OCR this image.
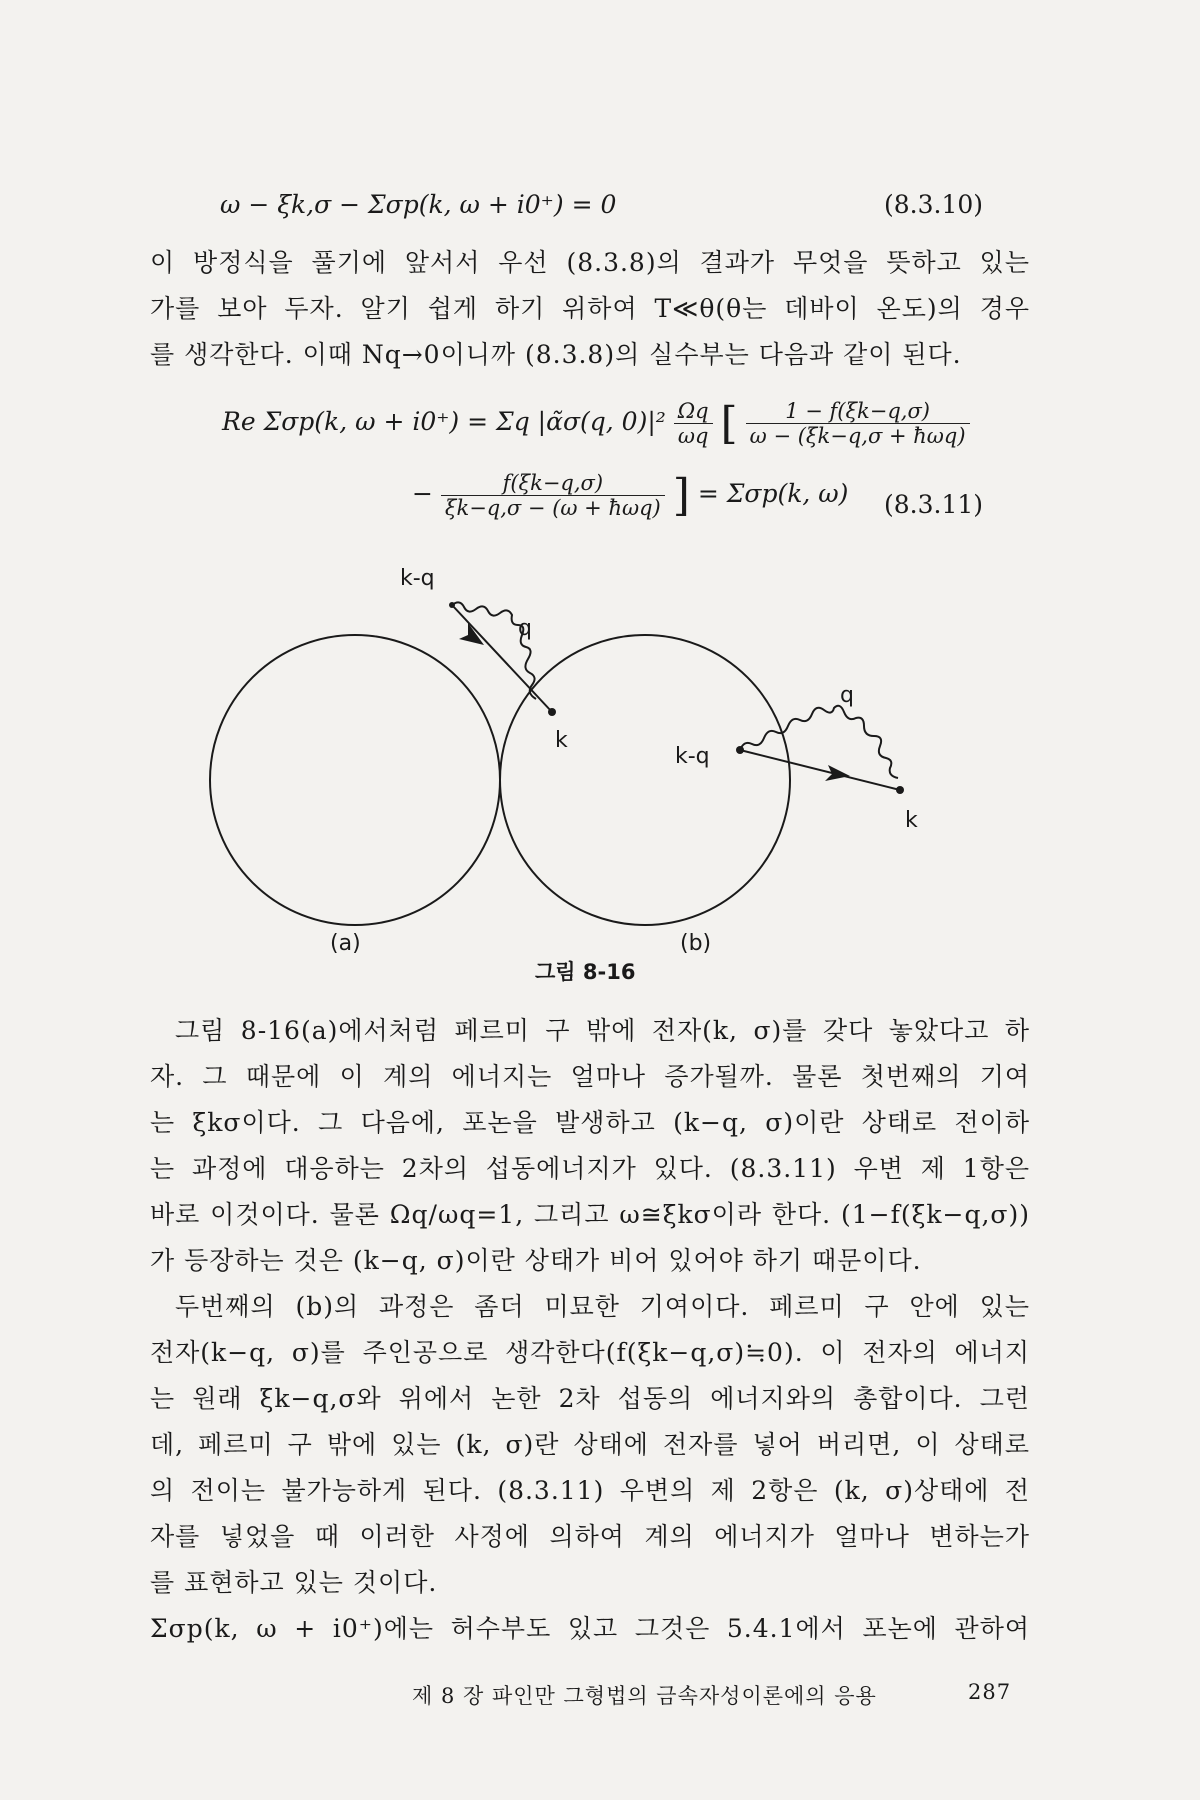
ω − ξk,σ − Σσp(k, ω + i0⁺) = 0	(8.3.10)

이 방정식을 풀기에 앞서서 우선 (8.3.8)의 결과가 무엇을 뜻하고 있는

가를 보아 두자. 알기 쉽게 하기 위하여 T≪θ(θ는 데바이 온도)의 경우

를 생각한다. 이때 Nq→0이니까 (8.3.8)의 실수부는 다음과 같이 된다.

Re Σσp(k, ω + i0⁺) = Σq |α̃σ(q, $0)|^2 \frac{\Omega q}{\omega q}$ [ $\frac{1 - f(\xi k-q,\sigma)}{\text{ω − (ξk−q,σ + ħωq)}}$
− $\frac{f(\xi k-q,\sigma)}{\text{ξk−q,σ − (ω + ħωq)}}$ ] = Σσp(k, ω) (8.3.11)
k-q
q
k
(a)
k-q
q
k
(b)
그림 8-16

그림 8-16(a)에서처럼 페르미 구 밖에 전자(k, σ)를 갖다 놓았다고 하

자. 그 때문에 이 계의 에너지는 얼마나 증가될까. 물론 첫번째의 기여

는 ξkσ이다. 그 다음에, 포논을 발생하고 (k−q, σ)이란 상태로 전이하

는 과정에 대응하는 2차의 섭동에너지가 있다. (8.3.11) 우변 제 1항은

바로 이것이다. 물론 Ωq/ωq=1, 그리고 ω≅ξkσ이라 한다. (1−f(ξk−q,σ))

가 등장하는 것은 (k−q, σ)이란 상태가 비어 있어야 하기 때문이다.

두번째의 (b)의 과정은 좀더 미묘한 기여이다. 페르미 구 안에 있는

전자(k−q, σ)를 주인공으로 생각한다(f(ξk−q,σ)≒0). 이 전자의 에너지

는 원래 ξk−q,σ와 위에서 논한 2차 섭동의 에너지와의 총합이다. 그런

데, 페르미 구 밖에 있는 (k, σ)란 상태에 전자를 넣어 버리면, 이 상태로

의 전이는 불가능하게 된다. (8.3.11) 우변의 제 2항은 (k, σ)상태에 전

자를 넣었을 때 이러한 사정에 의하여 계의 에너지가 얼마나 변하는가

를 표현하고 있는 것이다.

Σσp(k, ω + i0⁺)에는 허수부도 있고 그것은 5.4.1에서 포논에 관하여

제 8 장 파인만 그형법의 금속자성이론에의 응용	287
